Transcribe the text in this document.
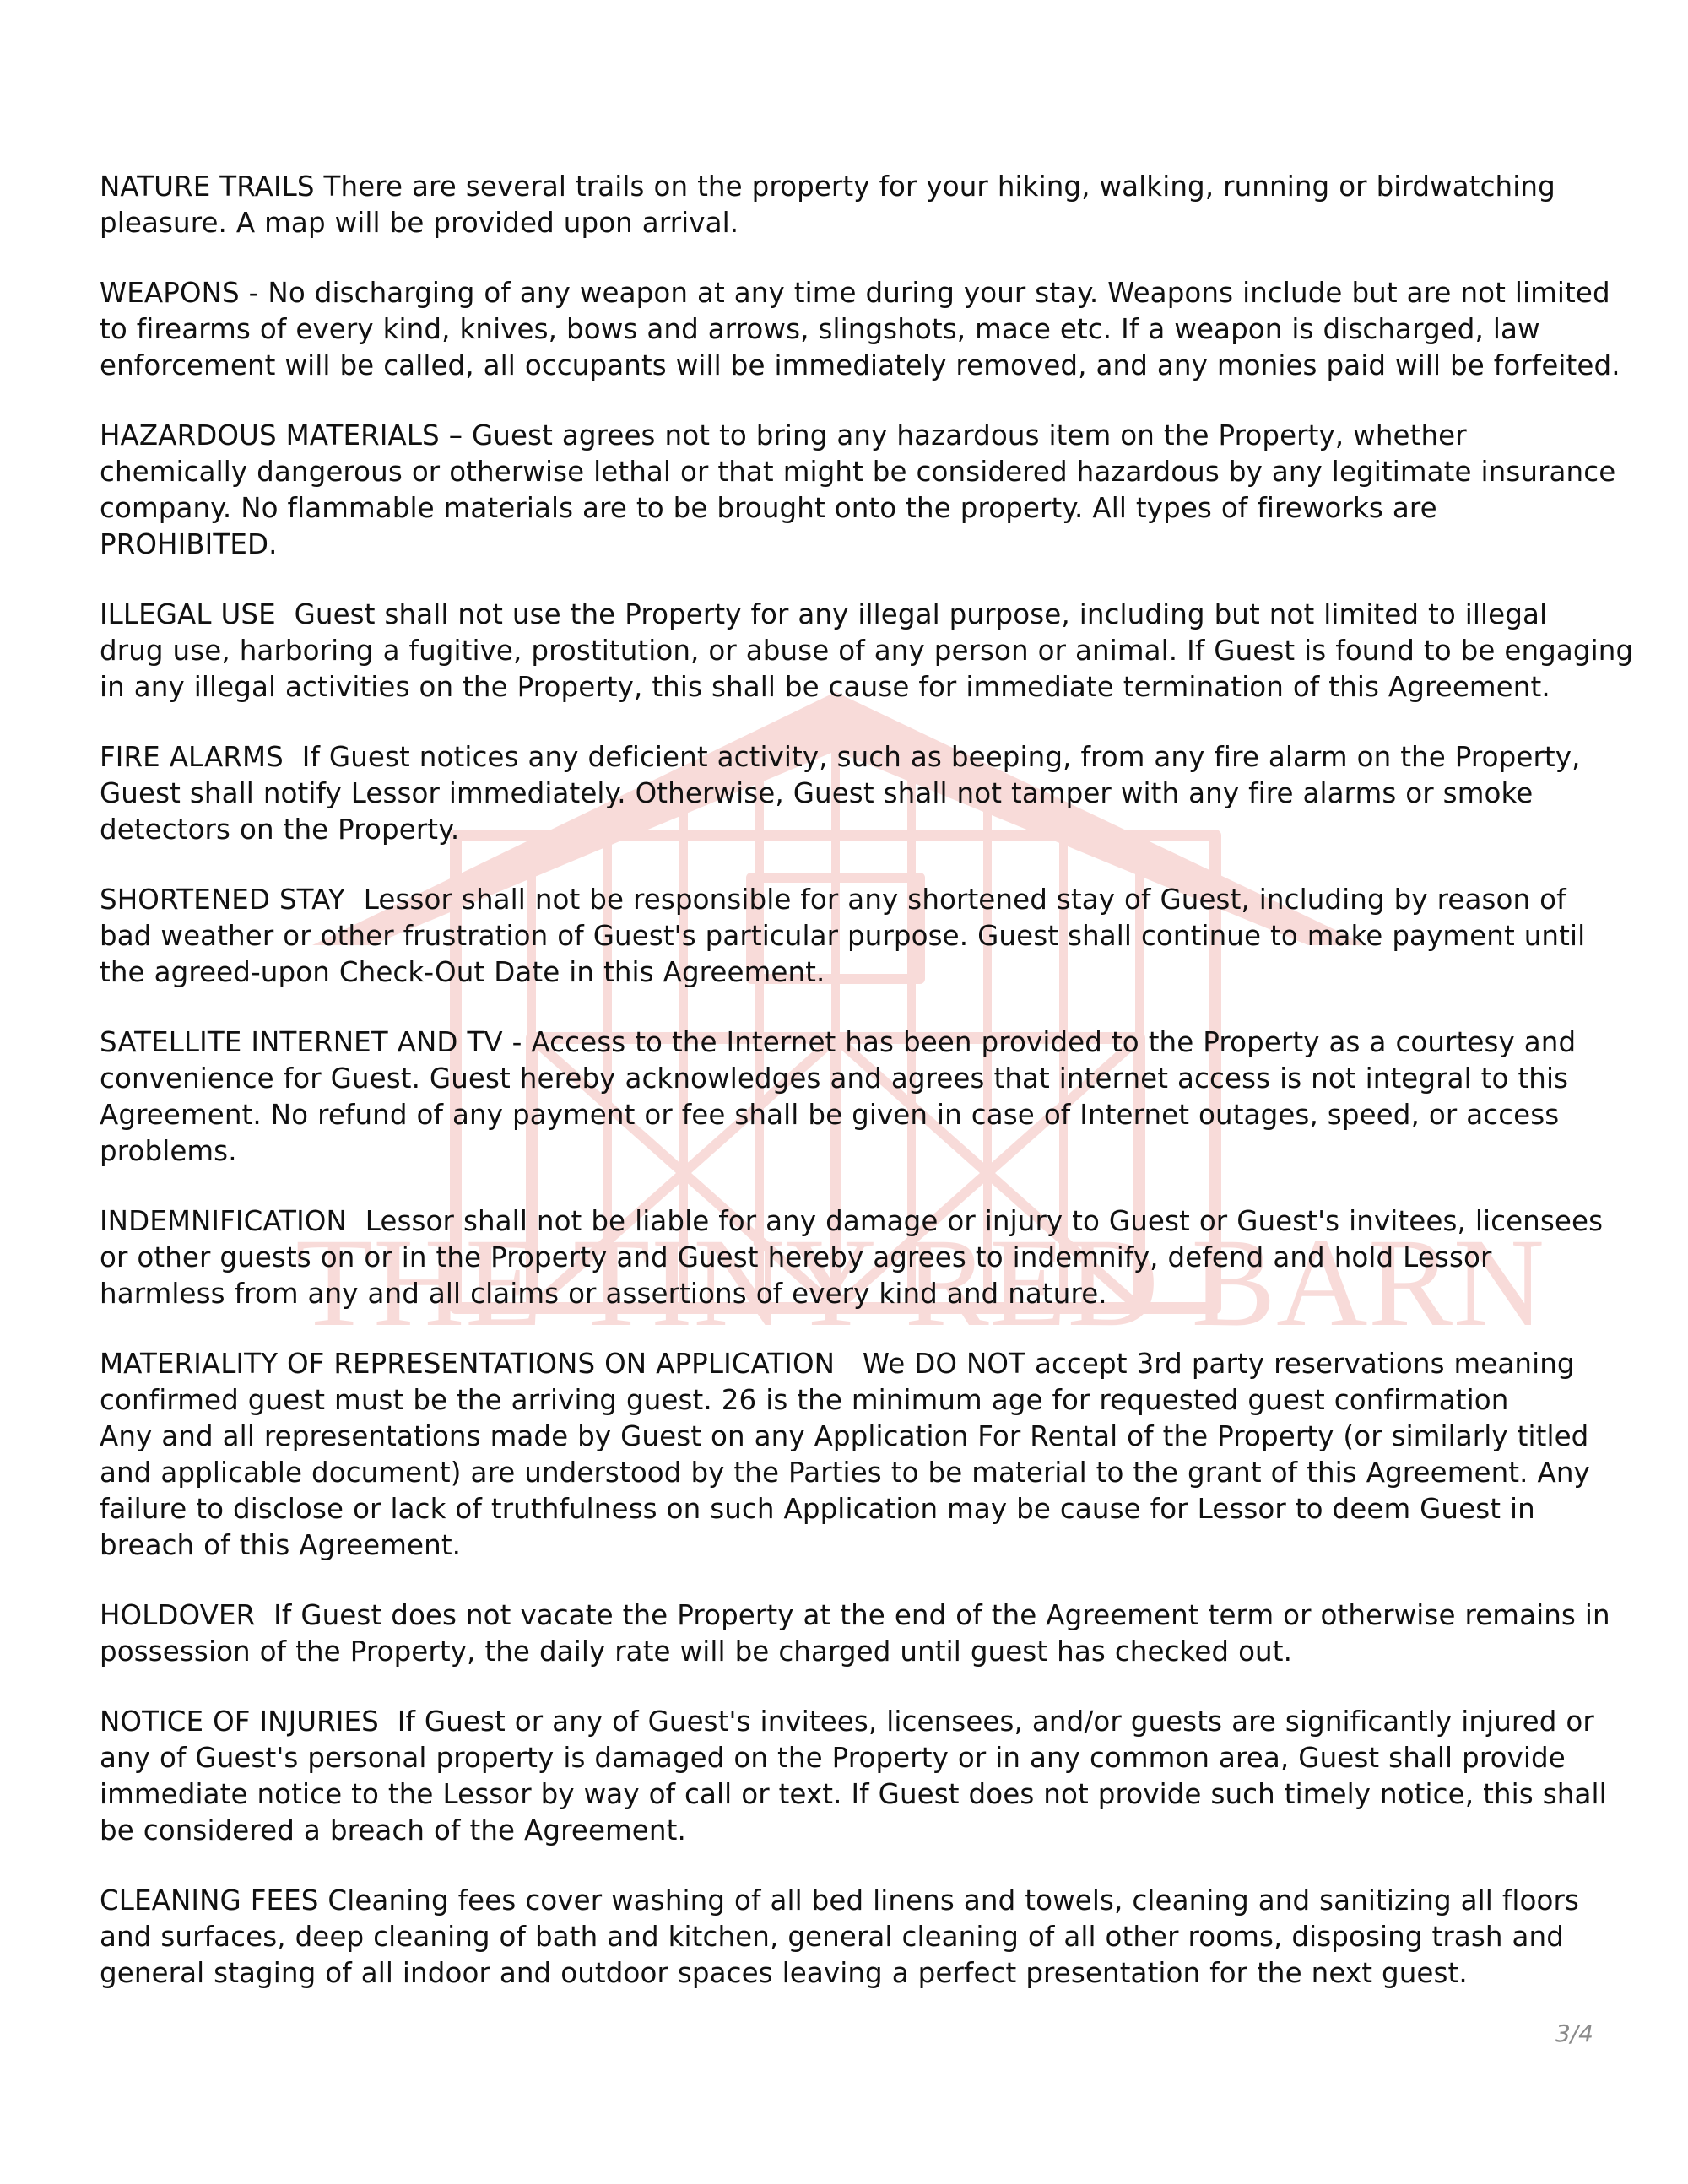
THE TINY RED BARN

NATURE TRAILS There are several trails on the property for your hiking, walking, running or birdwatching
pleasure. A map will be provided upon arrival.

WEAPONS - No discharging of any weapon at any time during your stay. Weapons include but are not limited
to firearms of every kind, knives, bows and arrows, slingshots, mace etc. If a weapon is discharged, law
enforcement will be called, all occupants will be immediately removed, and any monies paid will be forfeited.

HAZARDOUS MATERIALS – Guest agrees not to bring any hazardous item on the Property, whether
chemically dangerous or otherwise lethal or that might be considered hazardous by any legitimate insurance
company. No flammable materials are to be brought onto the property. All types of fireworks are
PROHIBITED.

ILLEGAL USE  Guest shall not use the Property for any illegal purpose, including but not limited to illegal
drug use, harboring a fugitive, prostitution, or abuse of any person or animal. If Guest is found to be engaging
in any illegal activities on the Property, this shall be cause for immediate termination of this Agreement.

FIRE ALARMS  If Guest notices any deficient activity, such as beeping, from any fire alarm on the Property,
Guest shall notify Lessor immediately. Otherwise, Guest shall not tamper with any fire alarms or smoke
detectors on the Property.

SHORTENED STAY  Lessor shall not be responsible for any shortened stay of Guest, including by reason of
bad weather or other frustration of Guest's particular purpose. Guest shall continue to make payment until
the agreed-upon Check-Out Date in this Agreement.

SATELLITE INTERNET AND TV - Access to the Internet has been provided to the Property as a courtesy and
convenience for Guest. Guest hereby acknowledges and agrees that internet access is not integral to this
Agreement. No refund of any payment or fee shall be given in case of Internet outages, speed, or access
problems.

INDEMNIFICATION  Lessor shall not be liable for any damage or injury to Guest or Guest's invitees, licensees
or other guests on or in the Property and Guest hereby agrees to indemnify, defend and hold Lessor
harmless from any and all claims or assertions of every kind and nature.

MATERIALITY OF REPRESENTATIONS ON APPLICATION   We DO NOT accept 3rd party reservations meaning
confirmed guest must be the arriving guest. 26 is the minimum age for requested guest confirmation
Any and all representations made by Guest on any Application For Rental of the Property (or similarly titled
and applicable document) are understood by the Parties to be material to the grant of this Agreement. Any
failure to disclose or lack of truthfulness on such Application may be cause for Lessor to deem Guest in
breach of this Agreement.

HOLDOVER  If Guest does not vacate the Property at the end of the Agreement term or otherwise remains in
possession of the Property, the daily rate will be charged until guest has checked out.

NOTICE OF INJURIES  If Guest or any of Guest's invitees, licensees, and/or guests are significantly injured or
any of Guest's personal property is damaged on the Property or in any common area, Guest shall provide
immediate notice to the Lessor by way of call or text. If Guest does not provide such timely notice, this shall
be considered a breach of the Agreement.

CLEANING FEES Cleaning fees cover washing of all bed linens and towels, cleaning and sanitizing all floors
and surfaces, deep cleaning of bath and kitchen, general cleaning of all other rooms, disposing trash and
general staging of all indoor and outdoor spaces leaving a perfect presentation for the next guest.

3/4
